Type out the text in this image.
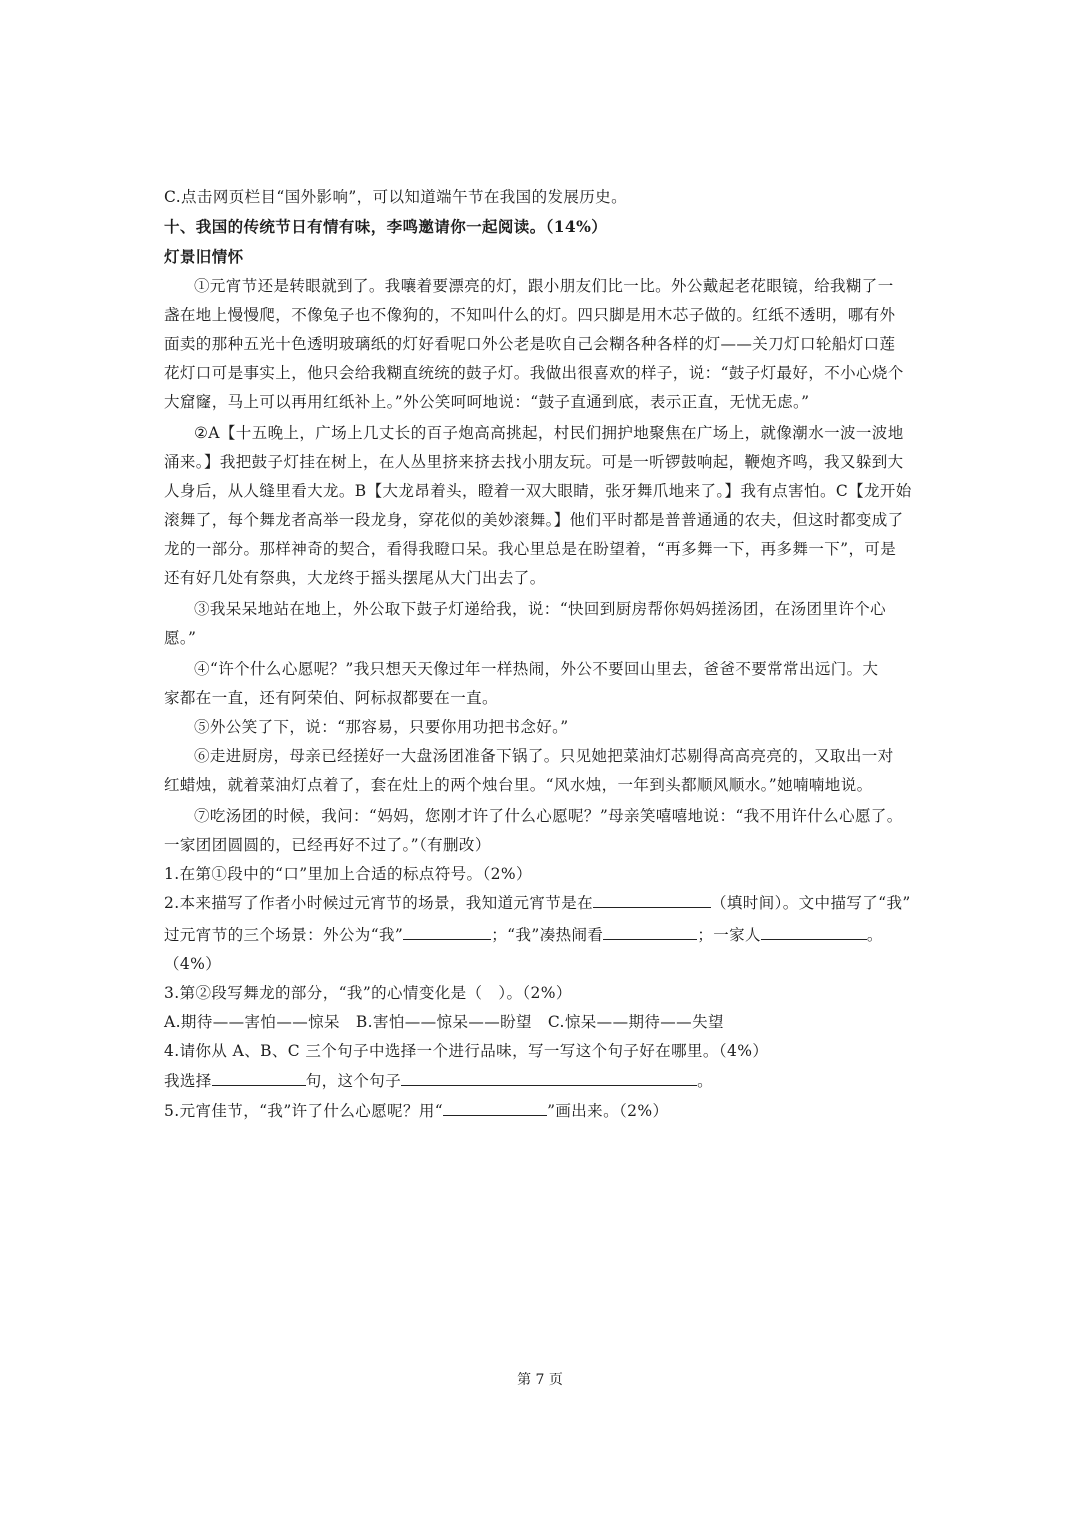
C.点击网页栏目“国外影响”，可以知道端午节在我国的发展历史。
十、我国的传统节日有情有味，李鸣邀请你一起阅读。（14%）
灯景旧情怀
①元宵节还是转眼就到了。我嚷着要漂亮的灯，跟小朋友们比一比。外公戴起老花眼镜，给我糊了一
盏在地上慢慢爬，不像兔子也不像狗的，不知叫什么的灯。四只脚是用木芯子做的。红纸不透明，哪有外
面卖的那种五光十色透明玻璃纸的灯好看呢口外公老是吹自己会糊各种各样的灯——关刀灯口轮船灯口莲
花灯口可是事实上，他只会给我糊直统统的鼓子灯。我做出很喜欢的样子，说：“鼓子灯最好，不小心烧个
大窟窿，马上可以再用红纸补上。”外公笑呵呵地说：“鼓子直通到底，表示正直，无忧无虑。”
②A【十五晚上，广场上几丈长的百子炮高高挑起，村民们拥护地聚焦在广场上，就像潮水一波一波地
涌来。】我把鼓子灯挂在树上，在人丛里挤来挤去找小朋友玩。可是一听锣鼓响起，鞭炮齐鸣，我又躲到大
人身后，从人缝里看大龙。B【大龙昂着头，瞪着一双大眼睛，张牙舞爪地来了。】我有点害怕。C【龙开始
滚舞了，每个舞龙者高举一段龙身，穿花似的美妙滚舞。】他们平时都是普普通通的农夫，但这时都变成了
龙的一部分。那样神奇的契合，看得我瞪口呆。我心里总是在盼望着，“再多舞一下，再多舞一下”，可是
还有好几处有祭典，大龙终于摇头摆尾从大门出去了。
③我呆呆地站在地上，外公取下鼓子灯递给我，说：“快回到厨房帮你妈妈搓汤团，在汤团里许个心
愿。”
④“许个什么心愿呢？”我只想天天像过年一样热闹，外公不要回山里去，爸爸不要常常出远门。大
家都在一直，还有阿荣伯、阿标叔都要在一直。
⑤外公笑了下，说：“那容易，只要你用功把书念好。”
⑥走进厨房，母亲已经搓好一大盘汤团准备下锅了。只见她把菜油灯芯剔得高高亮亮的，又取出一对
红蜡烛，就着菜油灯点着了，套在灶上的两个烛台里。“风水烛，一年到头都顺风顺水。”她喃喃地说。
⑦吃汤团的时候，我问：“妈妈，您刚才许了什么心愿呢？”母亲笑嘻嘻地说：“我不用许什么心愿了。
一家团团圆圆的，已经再好不过了。”（有删改）
1.在第①段中的“口”里加上合适的标点符号。（2%）
2.本来描写了作者小时候过元宵节的场景，我知道元宵节是在	（填时间）。文中描写了“我”
过元宵节的三个场景：外公为“我”	；“我”凑热闹看	；一家人	。
（4%）
3.第②段写舞龙的部分，“我”的心情变化是（　）。（2%）
A.期待——害怕——惊呆　B.害怕——惊呆——盼望　C.惊呆——期待——失望
4.请你从 A、B、C 三个句子中选择一个进行品味，写一写这个句子好在哪里。（4%）
我选择	句，这个句子	。
5.元宵佳节，“我”许了什么心愿呢？用“	”画出来。（2%）
第 7 页
